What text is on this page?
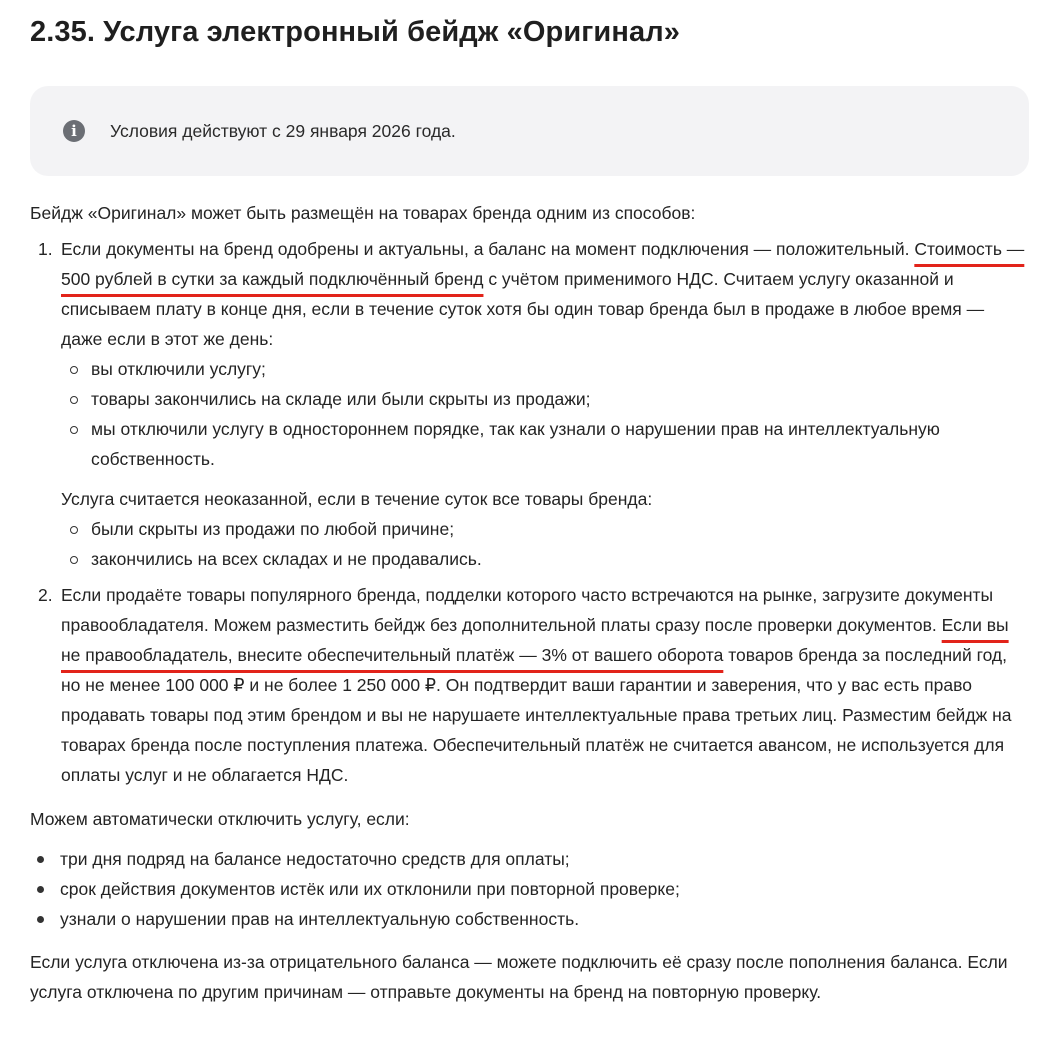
2.35. Услуга электронный бейдж «Оригинал»
i	Условия действуют с 29 января 2026 года.

Бейдж «Оригинал» может быть размещён на товарах бренда одним из способов:

1. Если документы на бренд одобрены и актуальны, а баланс на момент подключения — положительный. Стоимость — 500 рублей в сутки за каждый подключённый бренд с учётом применимого НДС. Считаем услугу оказанной и списываем плату в конце дня, если в течение суток хотя бы один товар бренда был в продаже в любое время — даже если в этот же день:

вы отключили услугу;
товары закончились на складе или были скрыты из продажи;
мы отключили услугу в одностороннем порядке, так как узнали о нарушении прав на интеллектуальную собственность.

Услуга считается неоказанной, если в течение суток все товары бренда:

были скрыты из продажи по любой причине;
закончились на всех складах и не продавались.
2. Если продаёте товары популярного бренда, подделки которого часто встречаются на рынке, загрузите документы правообладателя. Можем разместить бейдж без дополнительной платы сразу после проверки документов. Если вы не правообладатель, внесите обеспечительный платёж — 3% от вашего оборота товаров бренда за последний год, но не менее 100 000 ₽ и не более 1 250 000 ₽. Он подтвердит ваши гарантии и заверения, что у вас есть право продавать товары под этим брендом и вы не нарушаете интеллектуальные права третьих лиц. Разместим бейдж на товарах бренда после поступления платежа. Обеспечительный платёж не считается авансом, не используется для оплаты услуг и не облагается НДС.

Можем автоматически отключить услугу, если:

три дня подряд на балансе недостаточно средств для оплаты;
срок действия документов истёк или их отклонили при повторной проверке;
узнали о нарушении прав на интеллектуальную собственность.

Если услуга отключена из-за отрицательного баланса — можете подключить её сразу после пополнения баланса. Если услуга отключена по другим причинам — отправьте документы на бренд на повторную проверку.
